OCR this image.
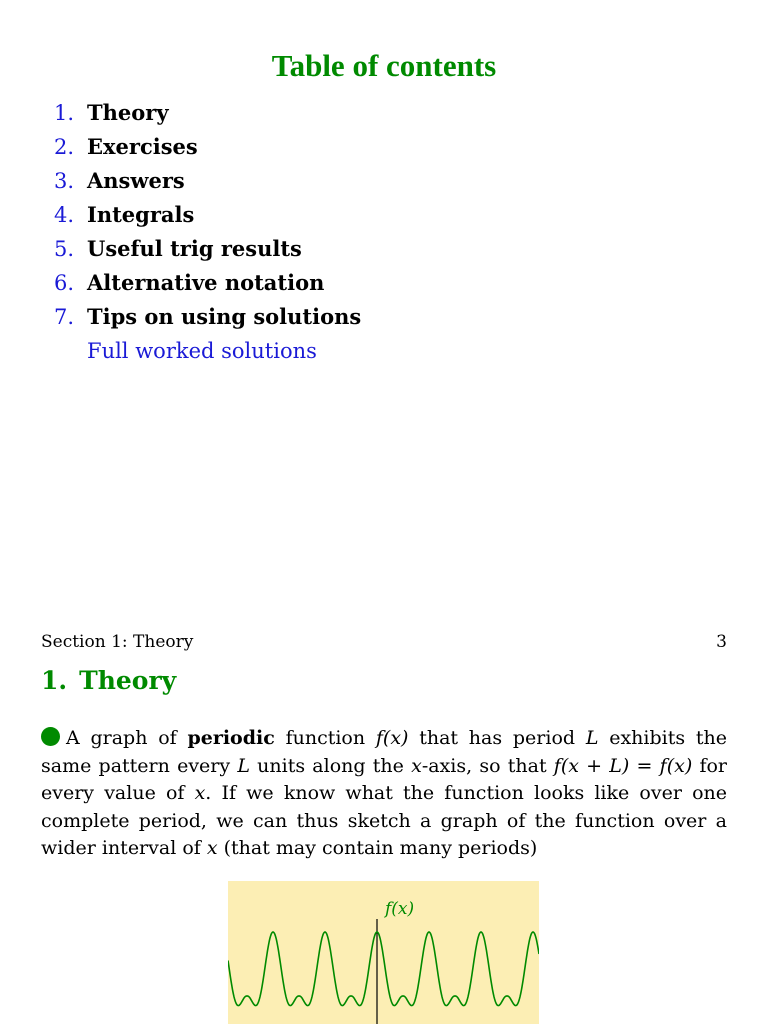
Table of contents
1. Theory
2. Exercises
3. Answers
4. Integrals
5. Useful trig results
6. Alternative notation
7. Tips on using solutions
Full worked solutions
Section 1: Theory	3
1. Theory

A graph of periodic function f(x) that has period L exhibits the same pattern every L units along the x-axis, so that f(x + L) = f(x) for every value of x. If we know what the function looks like over one complete period, we can thus sketch a graph of the function over a wider interval of x (that may contain many periods)

f(x)
